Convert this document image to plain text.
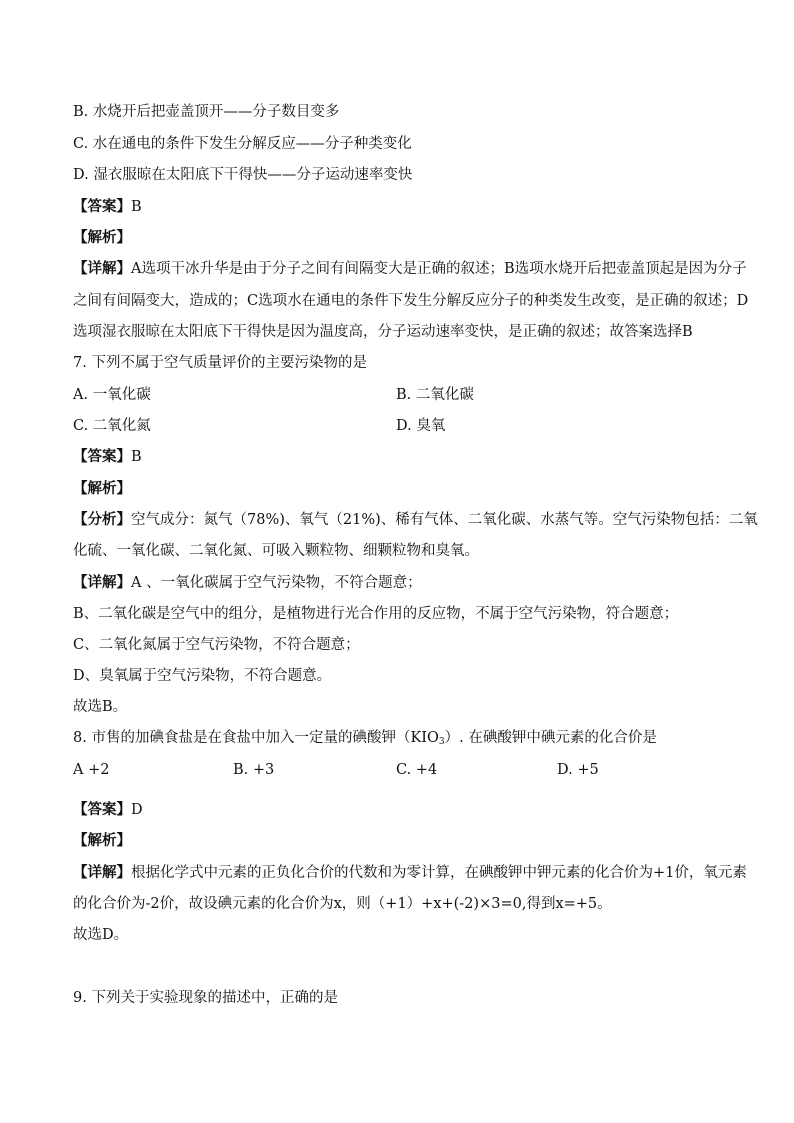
B. 水烧开后把壶盖顶开——分子数目变多
C. 水在通电的条件下发生分解反应——分子种类变化
D. 湿衣服晾在太阳底下干得快——分子运动速率变快
【答案】B
【解析】
【详解】A选项干冰升华是由于分子之间有间隔变大是正确的叙述；B选项水烧开后把壶盖顶起是因为分子
之间有间隔变大，造成的；C选项水在通电的条件下发生分解反应分子的种类发生改变，是正确的叙述；D
选项湿衣服晾在太阳底下干得快是因为温度高，分子运动速率变快，是正确的叙述；故答案选择B
7. 下列不属于空气质量评价的主要污染物的是
A. 一氧化碳	B. 二氧化碳
C. 二氧化氮	D. 臭氧
【答案】B
【解析】
【分析】空气成分：氮气（78%)、氧气（21%)、稀有气体、二氧化碳、水蒸气等。空气污染物包括：二氧
化硫、一氧化碳、二氧化氮、可吸入颗粒物、细颗粒物和臭氧。
【详解】A 、一氧化碳属于空气污染物，不符合题意；
B、二氧化碳是空气中的组分，是植物进行光合作用的反应物，不属于空气污染物，符合题意；
C、二氧化氮属于空气污染物，不符合题意；
D、臭氧属于空气污染物，不符合题意。
故选B。
8. 市售的加碘食盐是在食盐中加入一定量的碘酸钾$(KIO_3)$. 在碘酸钾中碘元素的化合价是
A +2	B. +3	C. +4	D. +5
【答案】D
【解析】
【详解】根据化学式中元素的正负化合价的代数和为零计算，在碘酸钾中钾元素的化合价为+1价，氧元素
的化合价为-2价，故设碘元素的化合价为x，则（+1）+x+(-2)×3=0,得到x=+5。
故选D。
9. 下列关于实验现象的描述中，正确的是
